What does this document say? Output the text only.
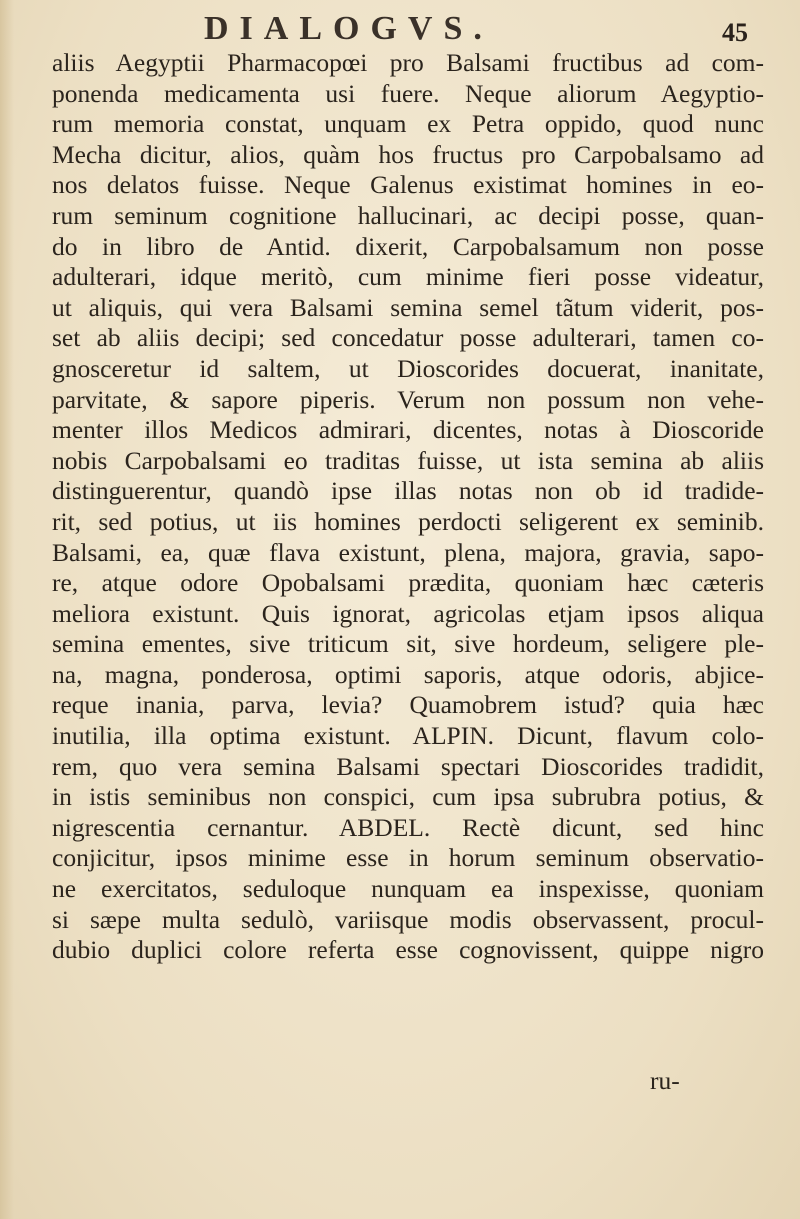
DIALOGVS.	45
aliis Aegyptii Pharmacopœi pro Balsami fructibus ad com-
ponenda medicamenta usi fuere. Neque aliorum Aegyptio-
rum memoria constat, unquam ex Petra oppido, quod nunc
Mecha dicitur, alios, quàm hos fructus pro Carpobalsamo ad
nos delatos fuisse. Neque Galenus existimat homines in eo-
rum seminum cognitione hallucinari, ac decipi posse, quan-
do in libro de Antid. dixerit, Carpobalsamum non posse
adulterari, idque meritò, cum minime fieri posse videatur,
ut aliquis, qui vera Balsami semina semel tãtum viderit, pos-
set ab aliis decipi; sed concedatur posse adulterari, tamen co-
gnosceretur id saltem, ut Dioscorides docuerat, inanitate,
parvitate, & sapore piperis. Verum non possum non vehe-
menter illos Medicos admirari, dicentes, notas à Dioscoride
nobis Carpobalsami eo traditas fuisse, ut ista semina ab aliis
distinguerentur, quandò ipse illas notas non ob id tradide-
rit, sed potius, ut iis homines perdocti seligerent ex seminib.
Balsami, ea, quæ flava existunt, plena, majora, gravia, sapo-
re, atque odore Opobalsami prædita, quoniam hæc cæteris
meliora existunt. Quis ignorat, agricolas etjam ipsos aliqua
semina ementes, sive triticum sit, sive hordeum, seligere ple-
na, magna, ponderosa, optimi saporis, atque odoris, abjice-
reque inania, parva, levia? Quamobrem istud? quia hæc
inutilia, illa optima existunt. ALPIN. Dicunt, flavum colo-
rem, quo vera semina Balsami spectari Dioscorides tradidit,
in istis seminibus non conspici, cum ipsa subrubra potius, &
nigrescentia cernantur. ABDEL. Rectè dicunt, sed hinc
conjicitur, ipsos minime esse in horum seminum observatio-
ne exercitatos, seduloque nunquam ea inspexisse, quoniam
si sæpe multa sedulò, variisque modis observassent, procul-
dubio duplici colore referta esse cognovissent, quippe nigro
ru-
